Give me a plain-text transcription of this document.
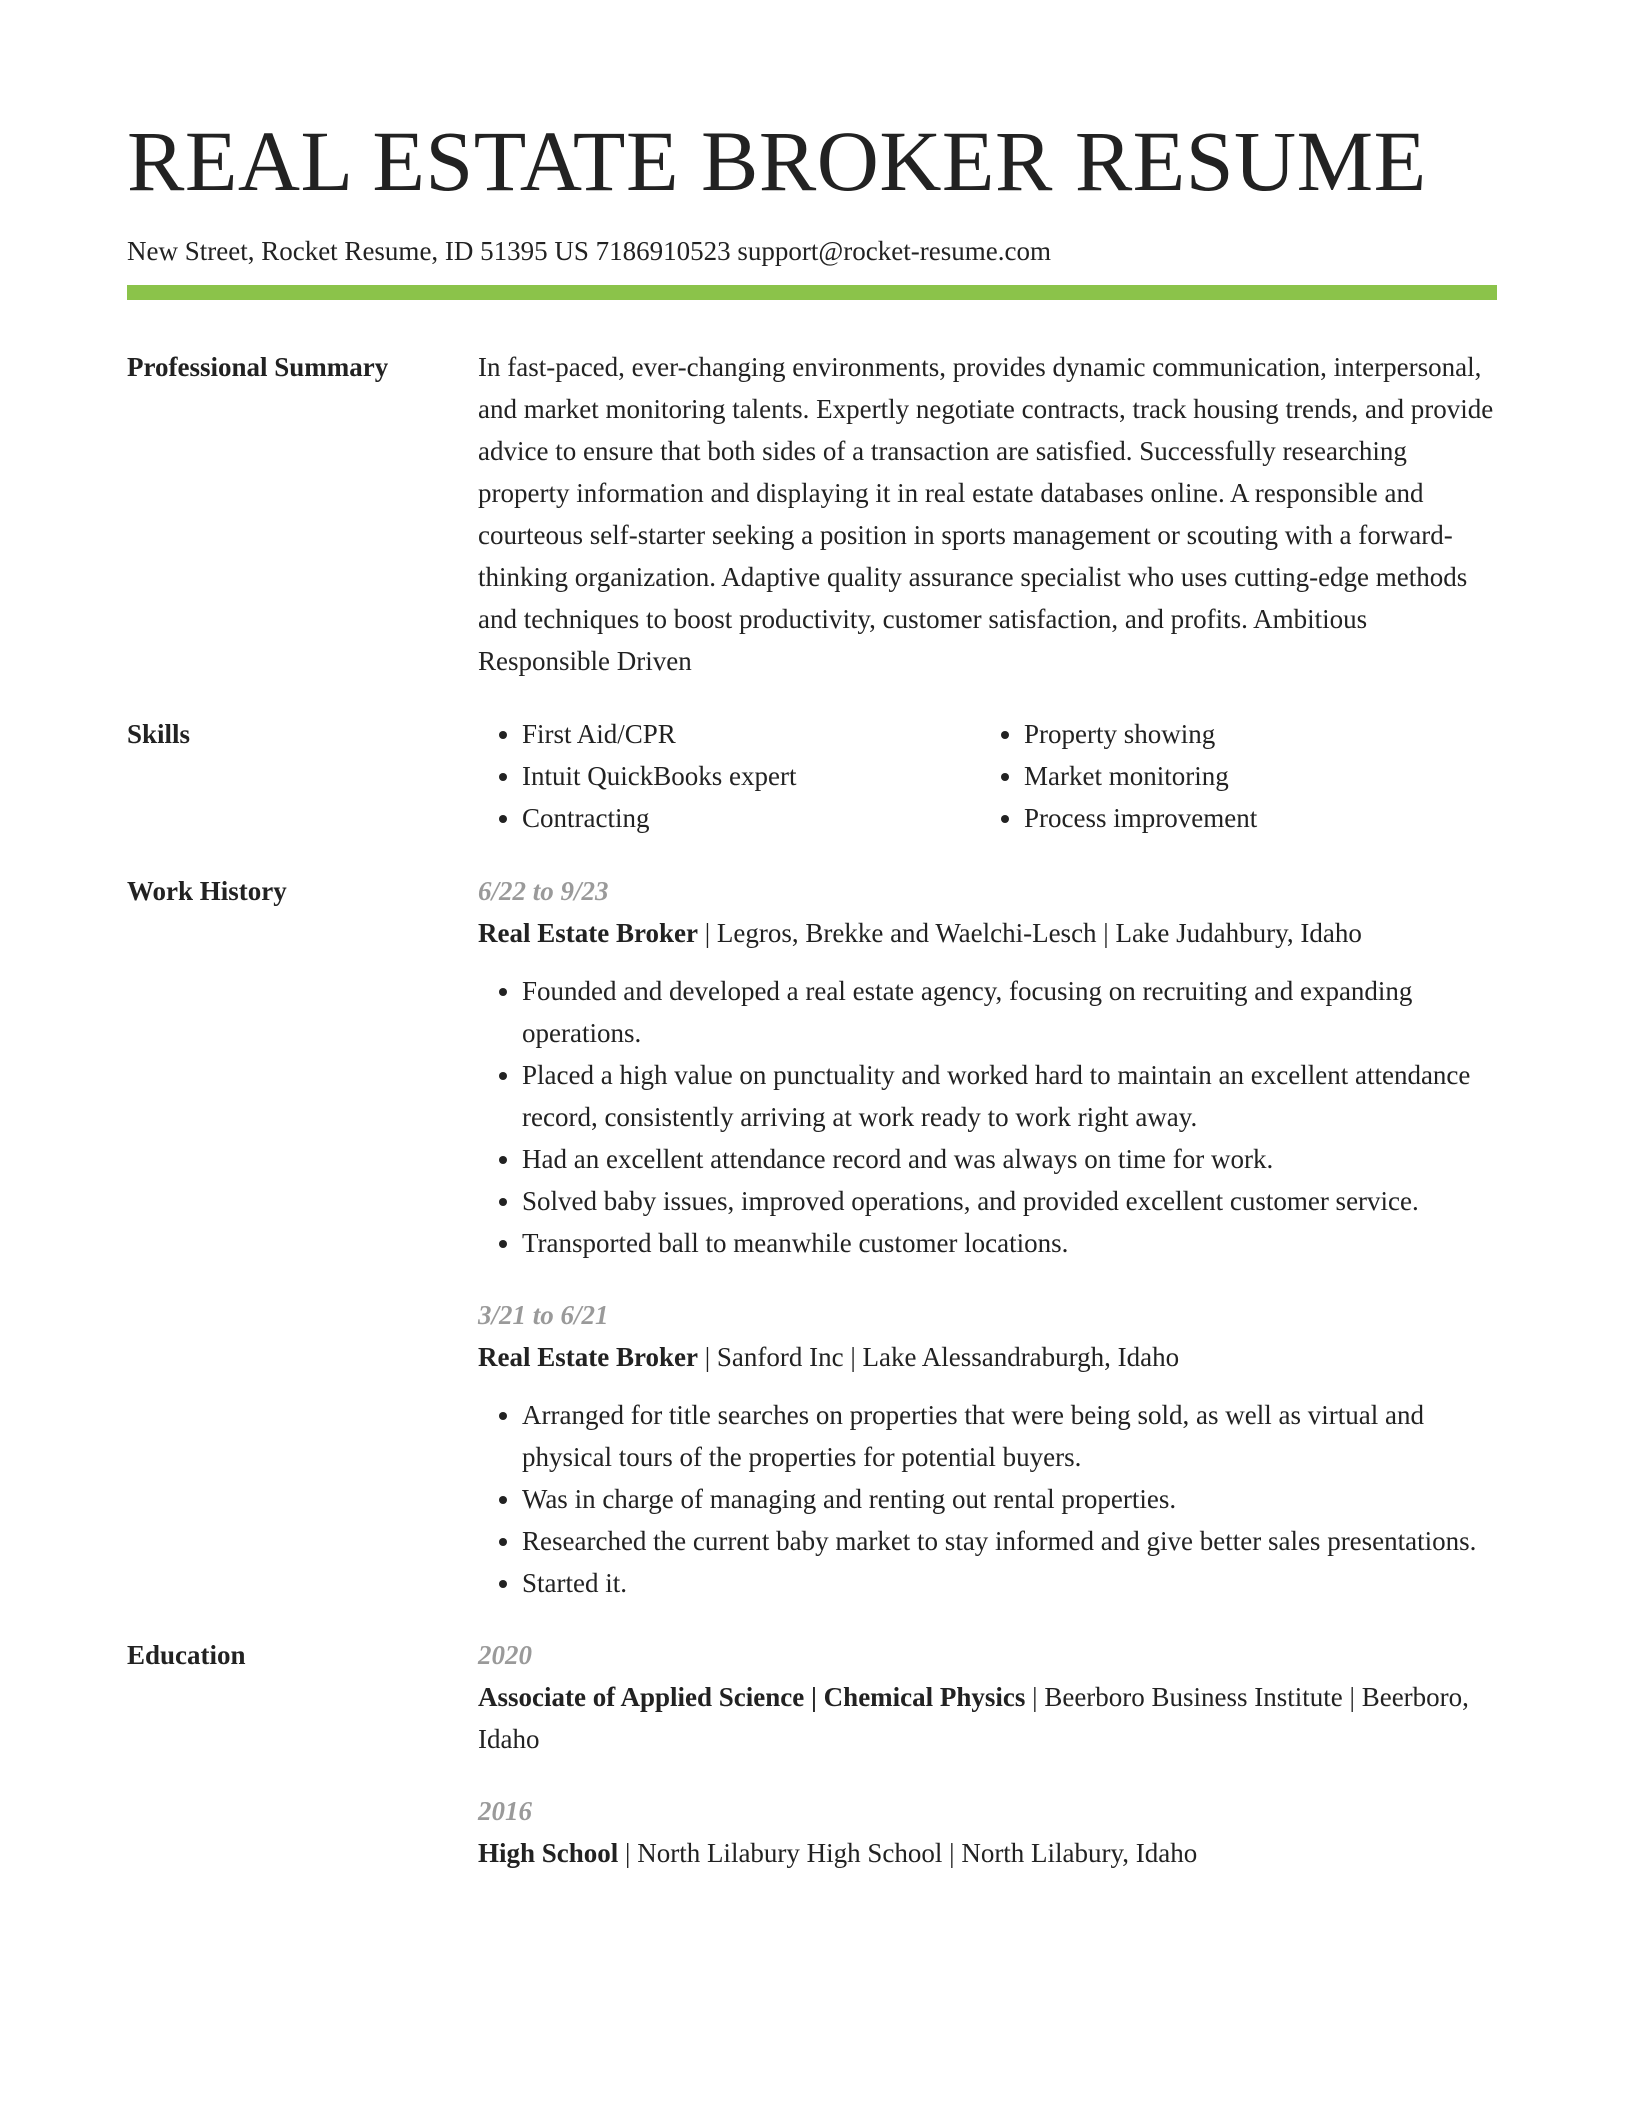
REAL ESTATE BROKER RESUME
New Street, Rocket Resume, ID 51395 US 7186910523 support@rocket-resume.com
Professional Summary	In fast-paced, ever-changing environments, provides dynamic communication, interpersonal, and market monitoring talents. Expertly negotiate contracts, track housing trends, and provide advice to ensure that both sides of a transaction are satisfied. Successfully researching property information and displaying it in real estate databases online. A responsible and courteous self-starter seeking a position in sports management or scouting with a forward-thinking organization. Adaptive quality assurance specialist who uses cutting-edge methods and techniques to boost productivity, customer satisfaction, and profits. Ambitious Responsible Driven
Skills
•	First Aid/CPR
• Intuit QuickBooks expert
• Contracting
• Property showing
• Market monitoring
• Process improvement
Work History	6/22 to 9/23
Real Estate Broker | Legros, Brekke and Waelchi-Lesch | Lake Judahbury, Idaho
• Founded and developed a real estate agency, focusing on recruiting and expanding operations.
• Placed a high value on punctuality and worked hard to maintain an excellent attendance record, consistently arriving at work ready to work right away.
• Had an excellent attendance record and was always on time for work.
• Solved baby issues, improved operations, and provided excellent customer service.
• Transported ball to meanwhile customer locations.
3/21 to 6/21
Real Estate Broker | Sanford Inc | Lake Alessandraburgh, Idaho
• Arranged for title searches on properties that were being sold, as well as virtual and physical tours of the properties for potential buyers.
• Was in charge of managing and renting out rental properties.
• Researched the current baby market to stay informed and give better sales presentations.
• Started it.
Education	2020
Associate of Applied Science | Chemical Physics | Beerboro Business Institute | Beerboro, Idaho
2016
High School | North Lilabury High School | North Lilabury, Idaho
